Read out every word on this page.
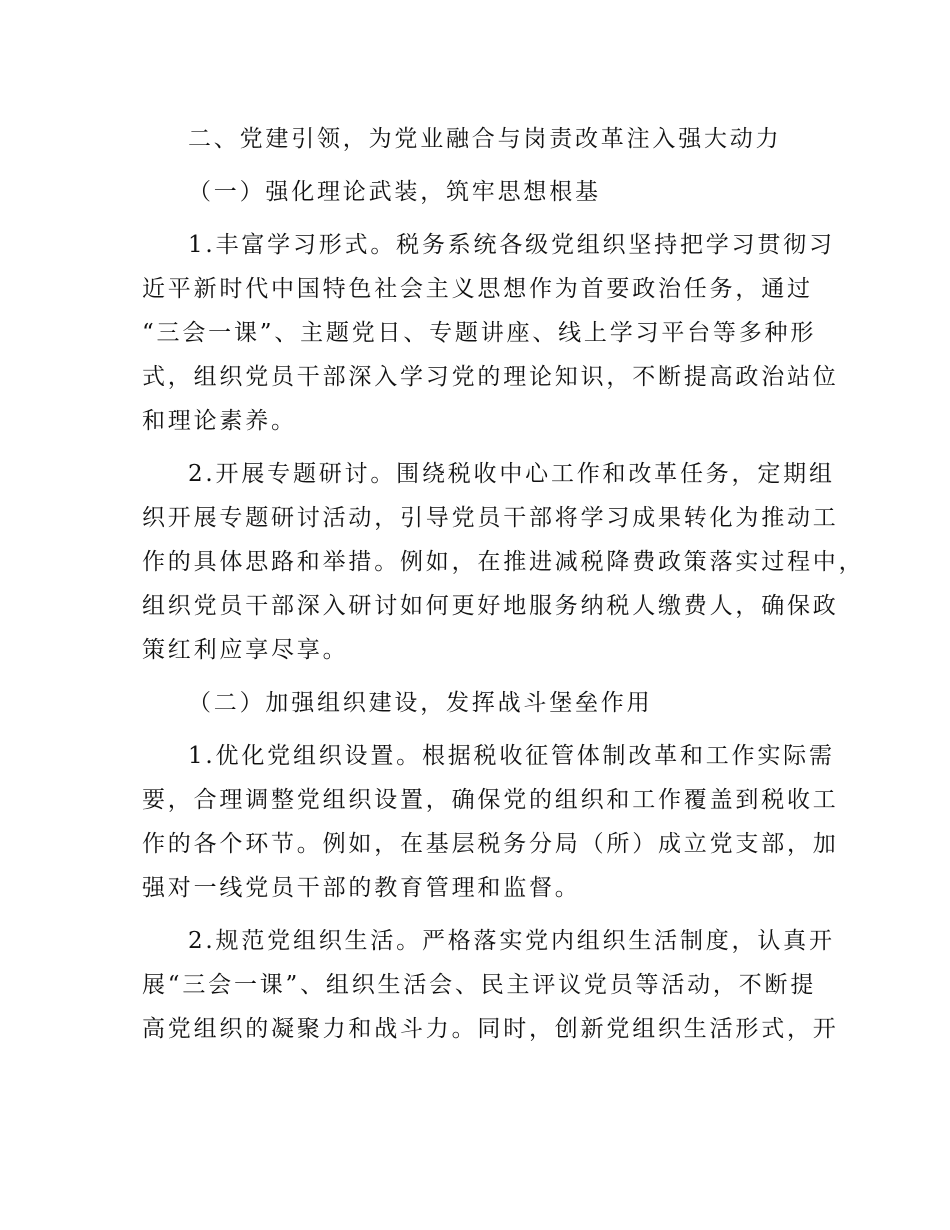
二、党建引领，为党业融合与岗责改革注入强大动力
（一）强化理论武装，筑牢思想根基
1.丰富学习形式。税务系统各级党组织坚持把学习贯彻习
近平新时代中国特色社会主义思想作为首要政治任务，通过
“三会一课”、主题党日、专题讲座、线上学习平台等多种形
式，组织党员干部深入学习党的理论知识，不断提高政治站位
和理论素养。
2.开展专题研讨。围绕税收中心工作和改革任务，定期组
织开展专题研讨活动，引导党员干部将学习成果转化为推动工
作的具体思路和举措。例如，在推进减税降费政策落实过程中，
组织党员干部深入研讨如何更好地服务纳税人缴费人，确保政
策红利应享尽享。
（二）加强组织建设，发挥战斗堡垒作用
1.优化党组织设置。根据税收征管体制改革和工作实际需
要，合理调整党组织设置，确保党的组织和工作覆盖到税收工
作的各个环节。例如，在基层税务分局（所）成立党支部，加
强对一线党员干部的教育管理和监督。
2.规范党组织生活。严格落实党内组织生活制度，认真开
展“三会一课”、组织生活会、民主评议党员等活动，不断提
高党组织的凝聚力和战斗力。同时，创新党组织生活形式，开
